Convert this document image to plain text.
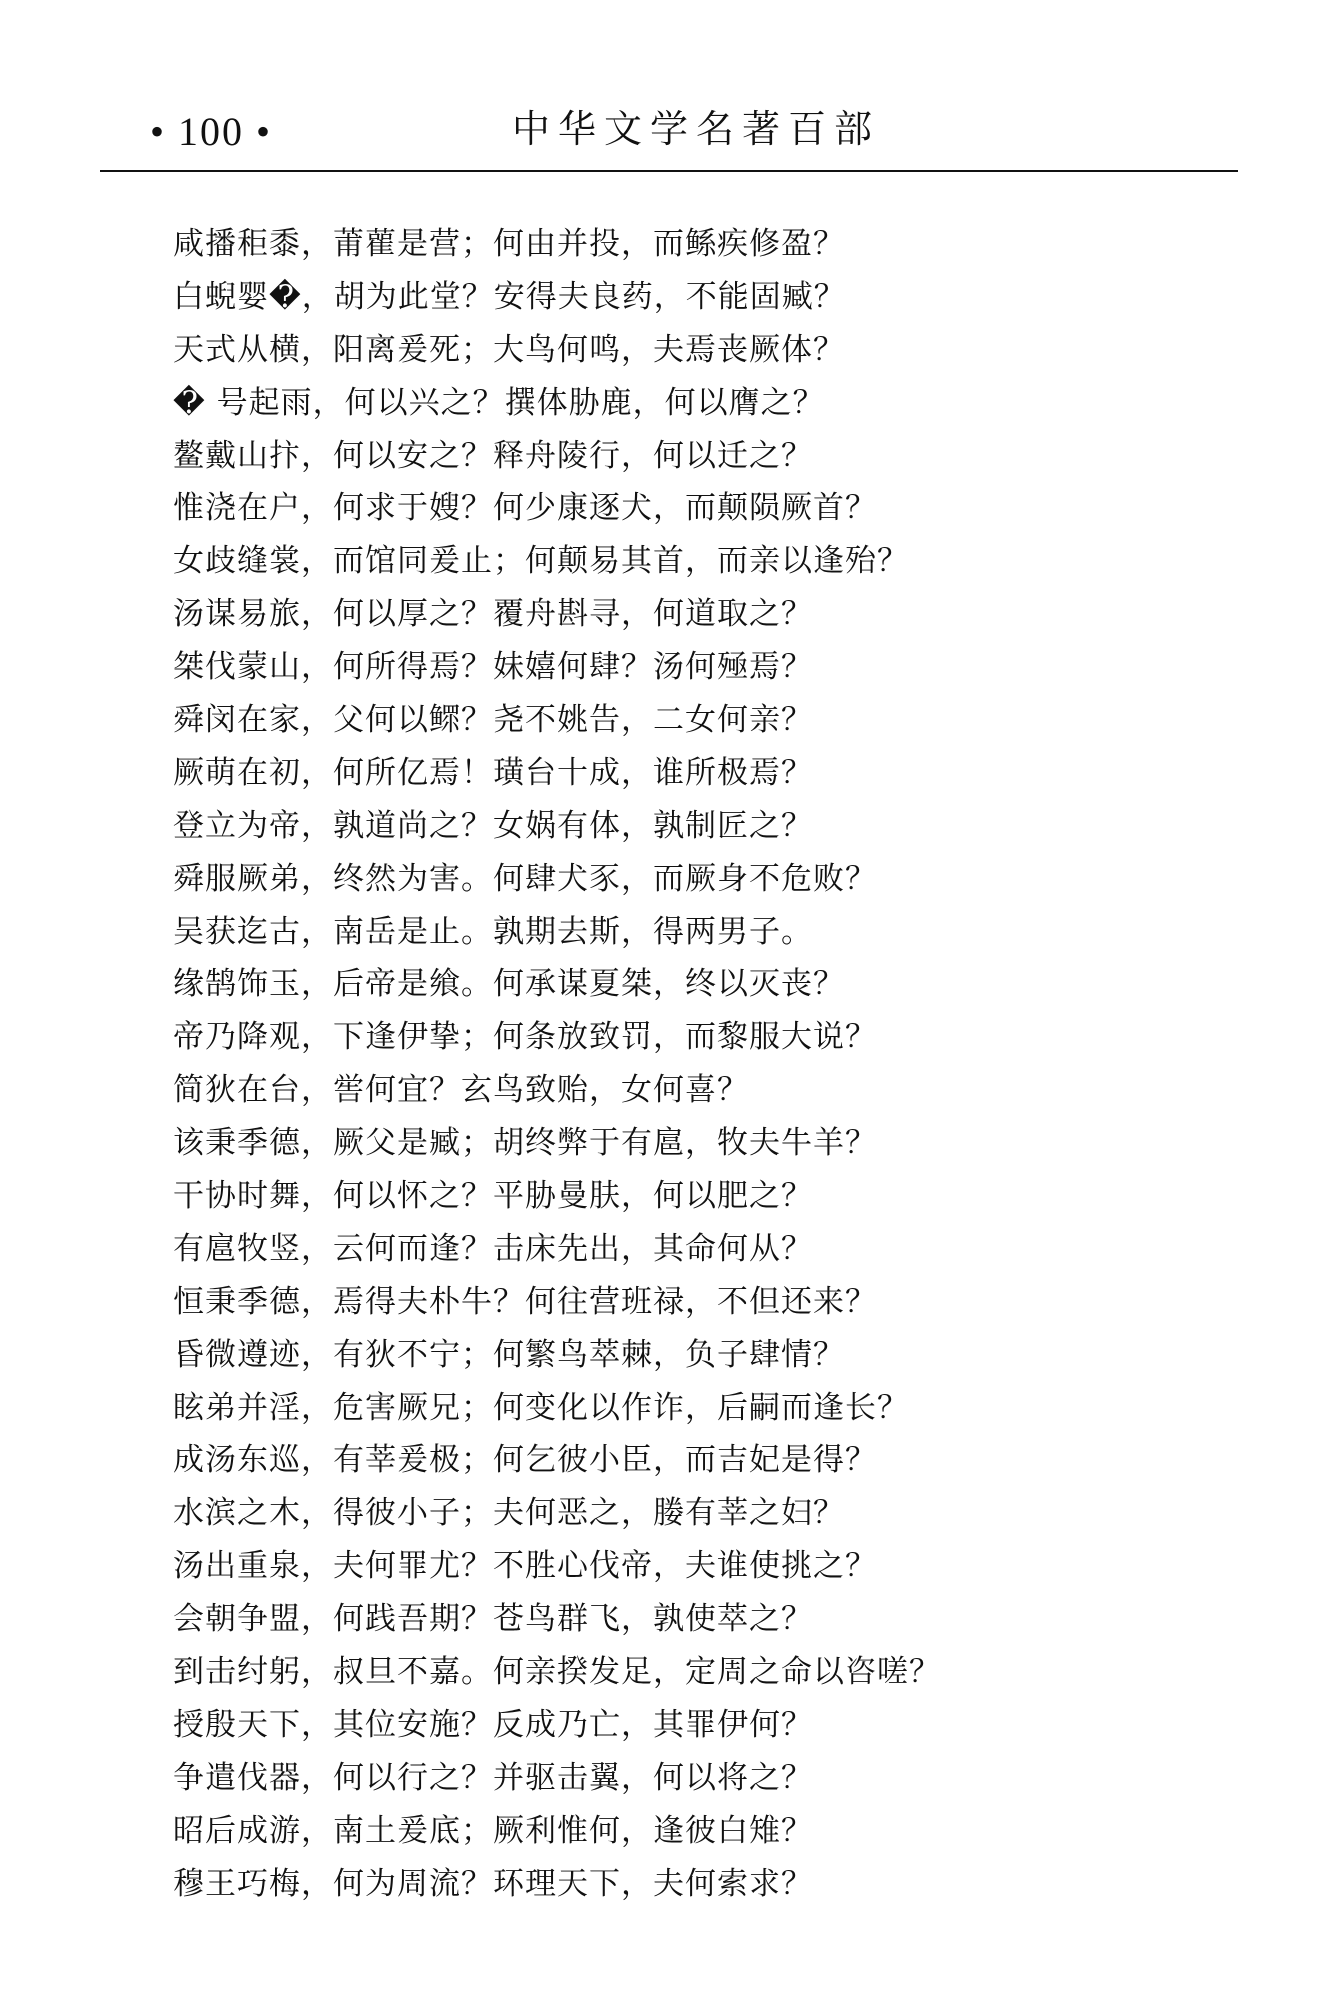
• 100 •	中华文学名著百部
咸播秬黍，莆雚是营；何由并投，而鲧疾修盈？
白蜺婴�，胡为此堂？安得夫良药，不能固臧？
天式从横，阳离爰死；大鸟何鸣，夫焉丧厥体？
� 号起雨，何以兴之？撰体胁鹿，何以膺之？
鳌戴山抃，何以安之？释舟陵行，何以迁之？
惟浇在户，何求于嫂？何少康逐犬，而颠陨厥首？
女歧缝裳，而馆同爰止；何颠易其首，而亲以逢殆？
汤谋易旅，何以厚之？覆舟斟寻，何道取之？
桀伐蒙山，何所得焉？妹嬉何肆？汤何殛焉？
舜闵在家，父何以鳏？尧不姚告，二女何亲？
厥萌在初，何所亿焉！璜台十成，谁所极焉？
登立为帝，孰道尚之？女娲有体，孰制匠之？
舜服厥弟，终然为害。何肆犬豕，而厥身不危败？
吴获迄古，南岳是止。孰期去斯，得两男子。
缘鹄饰玉，后帝是飨。何承谋夏桀，终以灭丧？
帝乃降观，下逢伊挚；何条放致罚，而黎服大说？
简狄在台，喾何宜？玄鸟致贻，女何喜？
该秉季德，厥父是臧；胡终弊于有扈，牧夫牛羊？
干协时舞，何以怀之？平胁曼肤，何以肥之？
有扈牧竖，云何而逢？击床先出，其命何从？
恒秉季德，焉得夫朴牛？何往营班禄，不但还来？
昏微遵迹，有狄不宁；何繁鸟萃棘，负子肆情？
眩弟并淫，危害厥兄；何变化以作诈，后嗣而逢长？
成汤东巡，有莘爰极；何乞彼小臣，而吉妃是得？
水滨之木，得彼小子；夫何恶之，媵有莘之妇？
汤出重泉，夫何罪尤？不胜心伐帝，夫谁使挑之？
会朝争盟，何践吾期？苍鸟群飞，孰使萃之？
到击纣躬，叔旦不嘉。何亲揆发足，定周之命以咨嗟？
授殷天下，其位安施？反成乃亡，其罪伊何？
争遣伐器，何以行之？并驱击翼，何以将之？
昭后成游，南土爰底；厥利惟何，逢彼白雉？
穆王巧梅，何为周流？环理天下，夫何索求？
